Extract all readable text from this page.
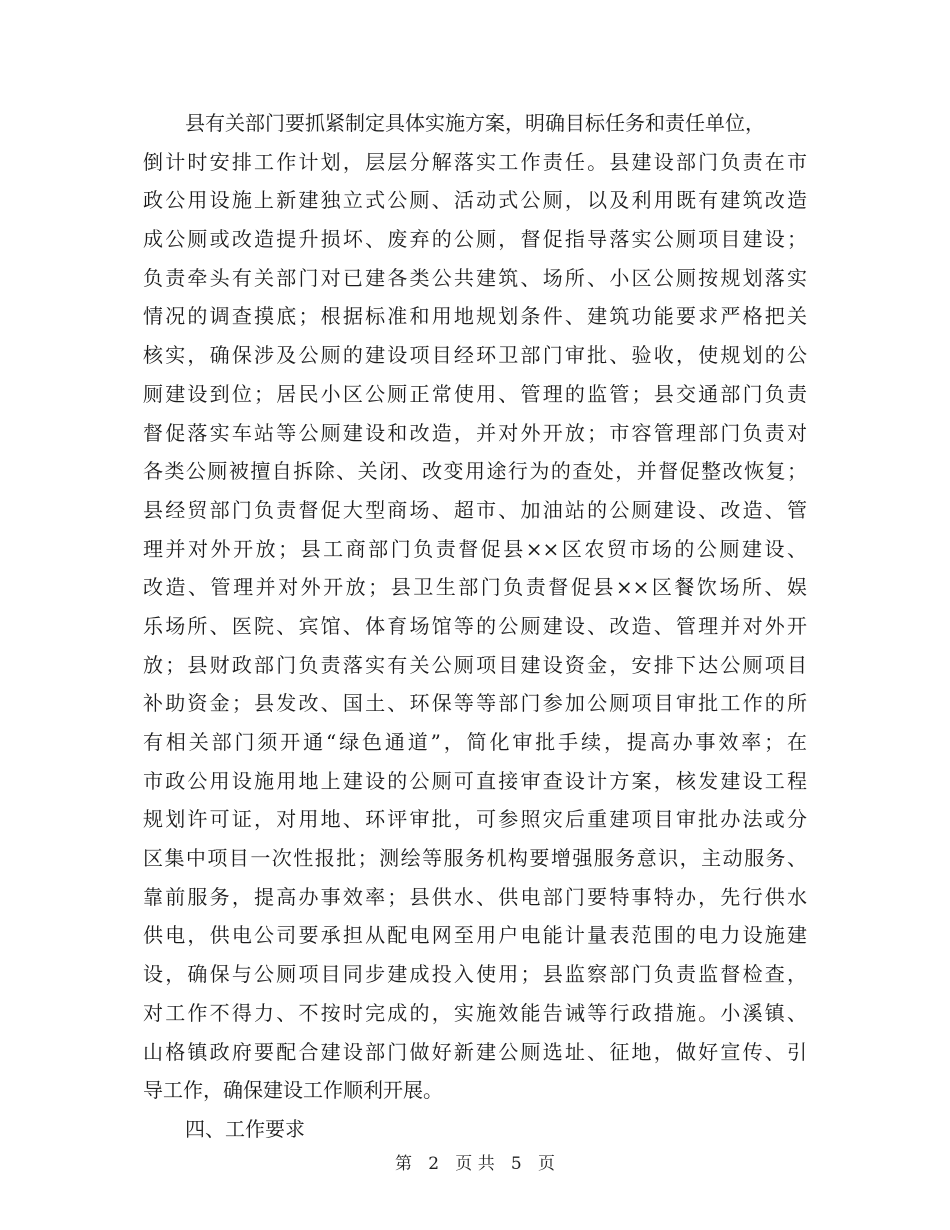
县有关部门要抓紧制定具体实施方案，明确目标任务和责任单位，
倒计时安排工作计划，层层分解落实工作责任。县建设部门负责在市
政公用设施上新建独立式公厕、活动式公厕，以及利用既有建筑改造
成公厕或改造提升损坏、废弃的公厕，督促指导落实公厕项目建设；
负责牵头有关部门对已建各类公共建筑、场所、小区公厕按规划落实
情况的调查摸底；根据标准和用地规划条件、建筑功能要求严格把关
核实，确保涉及公厕的建设项目经环卫部门审批、验收，使规划的公
厕建设到位；居民小区公厕正常使用、管理的监管；县交通部门负责
督促落实车站等公厕建设和改造，并对外开放；市容管理部门负责对
各类公厕被擅自拆除、关闭、改变用途行为的查处，并督促整改恢复；
县经贸部门负责督促大型商场、超市、加油站的公厕建设、改造、管
理并对外开放；县工商部门负责督促县××区农贸市场的公厕建设、
改造、管理并对外开放；县卫生部门负责督促县××区餐饮场所、娱
乐场所、医院、宾馆、体育场馆等的公厕建设、改造、管理并对外开
放；县财政部门负责落实有关公厕项目建设资金，安排下达公厕项目
补助资金；县发改、国土、环保等等部门参加公厕项目审批工作的所
有相关部门须开通“绿色通道”，简化审批手续，提高办事效率；在
市政公用设施用地上建设的公厕可直接审查设计方案，核发建设工程
规划许可证，对用地、环评审批，可参照灾后重建项目审批办法或分
区集中项目一次性报批；测绘等服务机构要增强服务意识，主动服务、
靠前服务，提高办事效率；县供水、供电部门要特事特办，先行供水
供电，供电公司要承担从配电网至用户电能计量表范围的电力设施建
设，确保与公厕项目同步建成投入使用；县监察部门负责监督检查，
对工作不得力、不按时完成的，实施效能告诫等行政措施。小溪镇、
山格镇政府要配合建设部门做好新建公厕选址、征地，做好宣传、引
导工作，确保建设工作顺利开展。
四、工作要求
第 2 页 共 5 页
